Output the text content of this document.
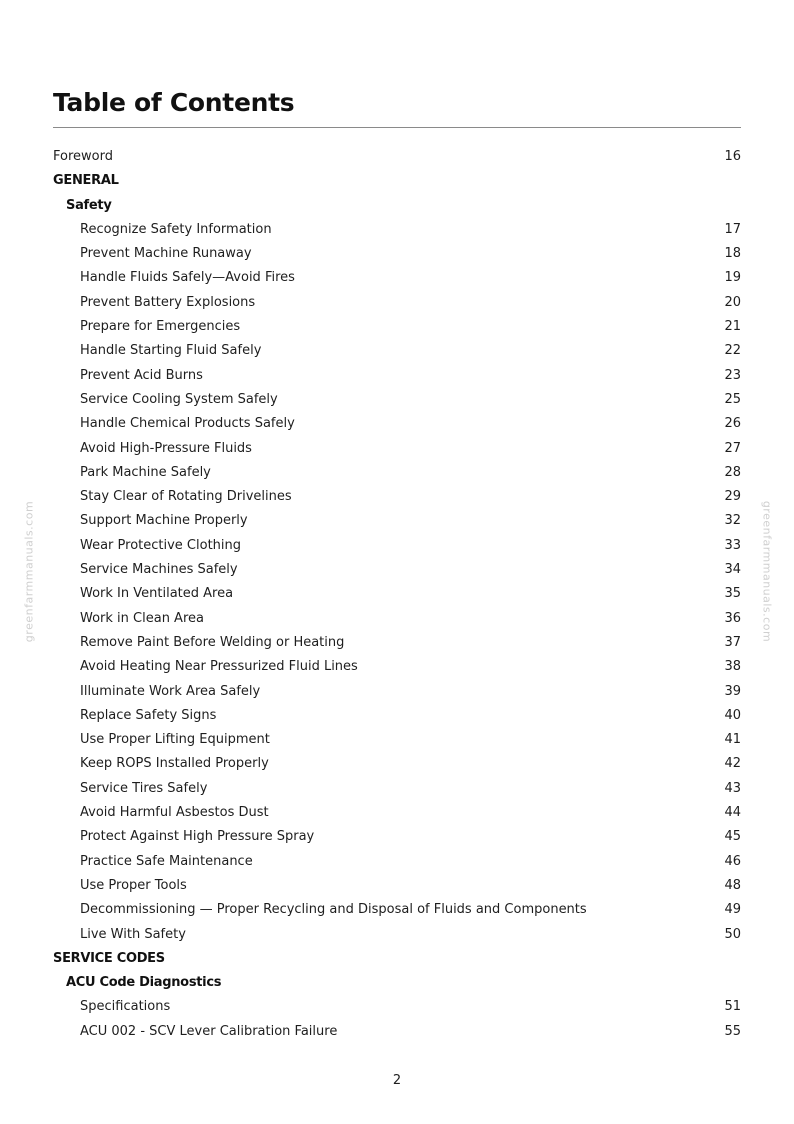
Table of Contents
Foreword	16
GENERAL
Safety
Recognize Safety Information	17
Prevent Machine Runaway	18
Handle Fluids Safely—Avoid Fires	19
Prevent Battery Explosions	20
Prepare for Emergencies	21
Handle Starting Fluid Safely	22
Prevent Acid Burns	23
Service Cooling System Safely	25
Handle Chemical Products Safely	26
Avoid High-Pressure Fluids	27
Park Machine Safely	28
Stay Clear of Rotating Drivelines	29
Support Machine Properly	32
Wear Protective Clothing	33
Service Machines Safely	34
Work In Ventilated Area	35
Work in Clean Area	36
Remove Paint Before Welding or Heating	37
Avoid Heating Near Pressurized Fluid Lines	38
Illuminate Work Area Safely	39
Replace Safety Signs	40
Use Proper Lifting Equipment	41
Keep ROPS Installed Properly	42
Service Tires Safely	43
Avoid Harmful Asbestos Dust	44
Protect Against High Pressure Spray	45
Practice Safe Maintenance	46
Use Proper Tools	48
Decommissioning — Proper Recycling and Disposal of Fluids and Components	49
Live With Safety	50
SERVICE CODES
ACU Code Diagnostics
Specifications	51
ACU 002 - SCV Lever Calibration Failure	55
greenfarmmanuals.com	greenfarmmanuals.com
2
